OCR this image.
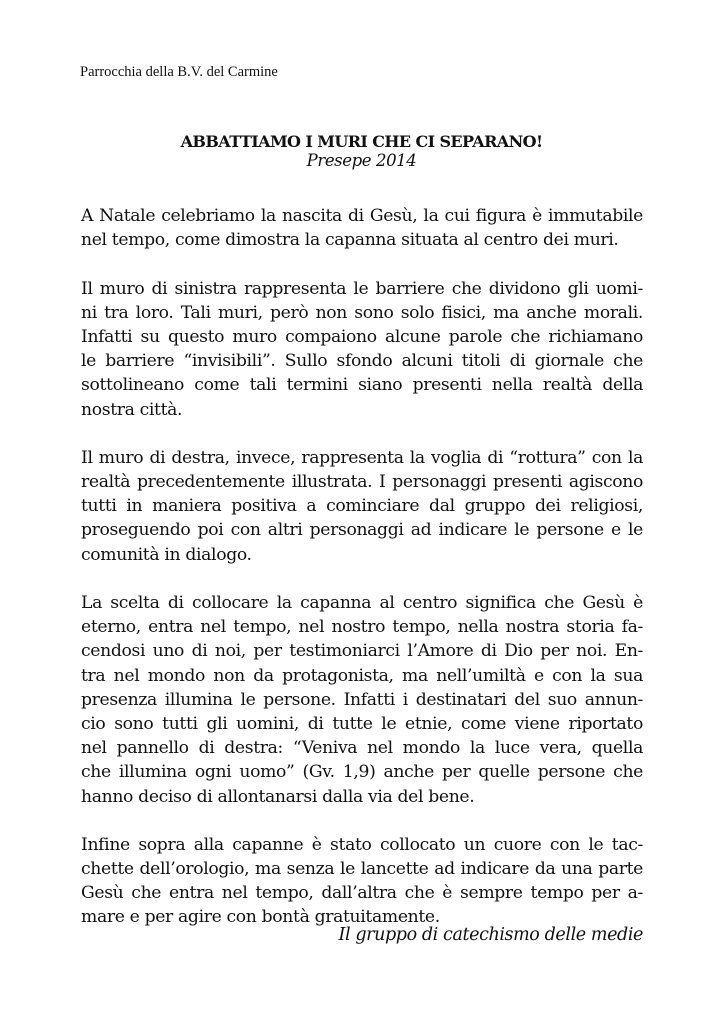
Parrocchia della B.V. del Carmine
ABBATTIAMO I MURI CHE CI SEPARANO!
Presepe 2014
A Natale celebriamo la nascita di Gesù, la cui figura è immutabile
nel tempo, come dimostra la capanna situata al centro dei muri.
Il muro di sinistra rappresenta le barriere che dividono gli uomi-
ni tra loro. Tali muri, però non sono solo fisici, ma anche morali.
Infatti su questo muro compaiono alcune parole che richiamano
le barriere “invisibili”. Sullo sfondo alcuni titoli di giornale che
sottolineano come tali termini siano presenti nella realtà della
nostra città.
Il muro di destra, invece, rappresenta la voglia di “rottura” con la
realtà precedentemente illustrata. I personaggi presenti agiscono
tutti in maniera positiva a cominciare dal gruppo dei religiosi,
proseguendo poi con altri personaggi ad indicare le persone e le
comunità in dialogo.
La scelta di collocare la capanna al centro significa che Gesù è
eterno, entra nel tempo, nel nostro tempo, nella nostra storia fa-
cendosi uno di noi, per testimoniarci l’Amore di Dio per noi. En-
tra nel mondo non da protagonista, ma nell’umiltà e con la sua
presenza illumina le persone. Infatti i destinatari del suo annun-
cio sono tutti gli uomini, di tutte le etnie, come viene riportato
nel pannello di destra: “Veniva nel mondo la luce vera, quella
che illumina ogni uomo” (Gv. 1,9) anche per quelle persone che
hanno deciso di allontanarsi dalla via del bene.
Infine sopra alla capanne è stato collocato un cuore con le tac-
chette dell’orologio, ma senza le lancette ad indicare da una parte
Gesù che entra nel tempo, dall’altra che è sempre tempo per a-
mare e per agire con bontà gratuitamente.
Il gruppo di catechismo delle medie
